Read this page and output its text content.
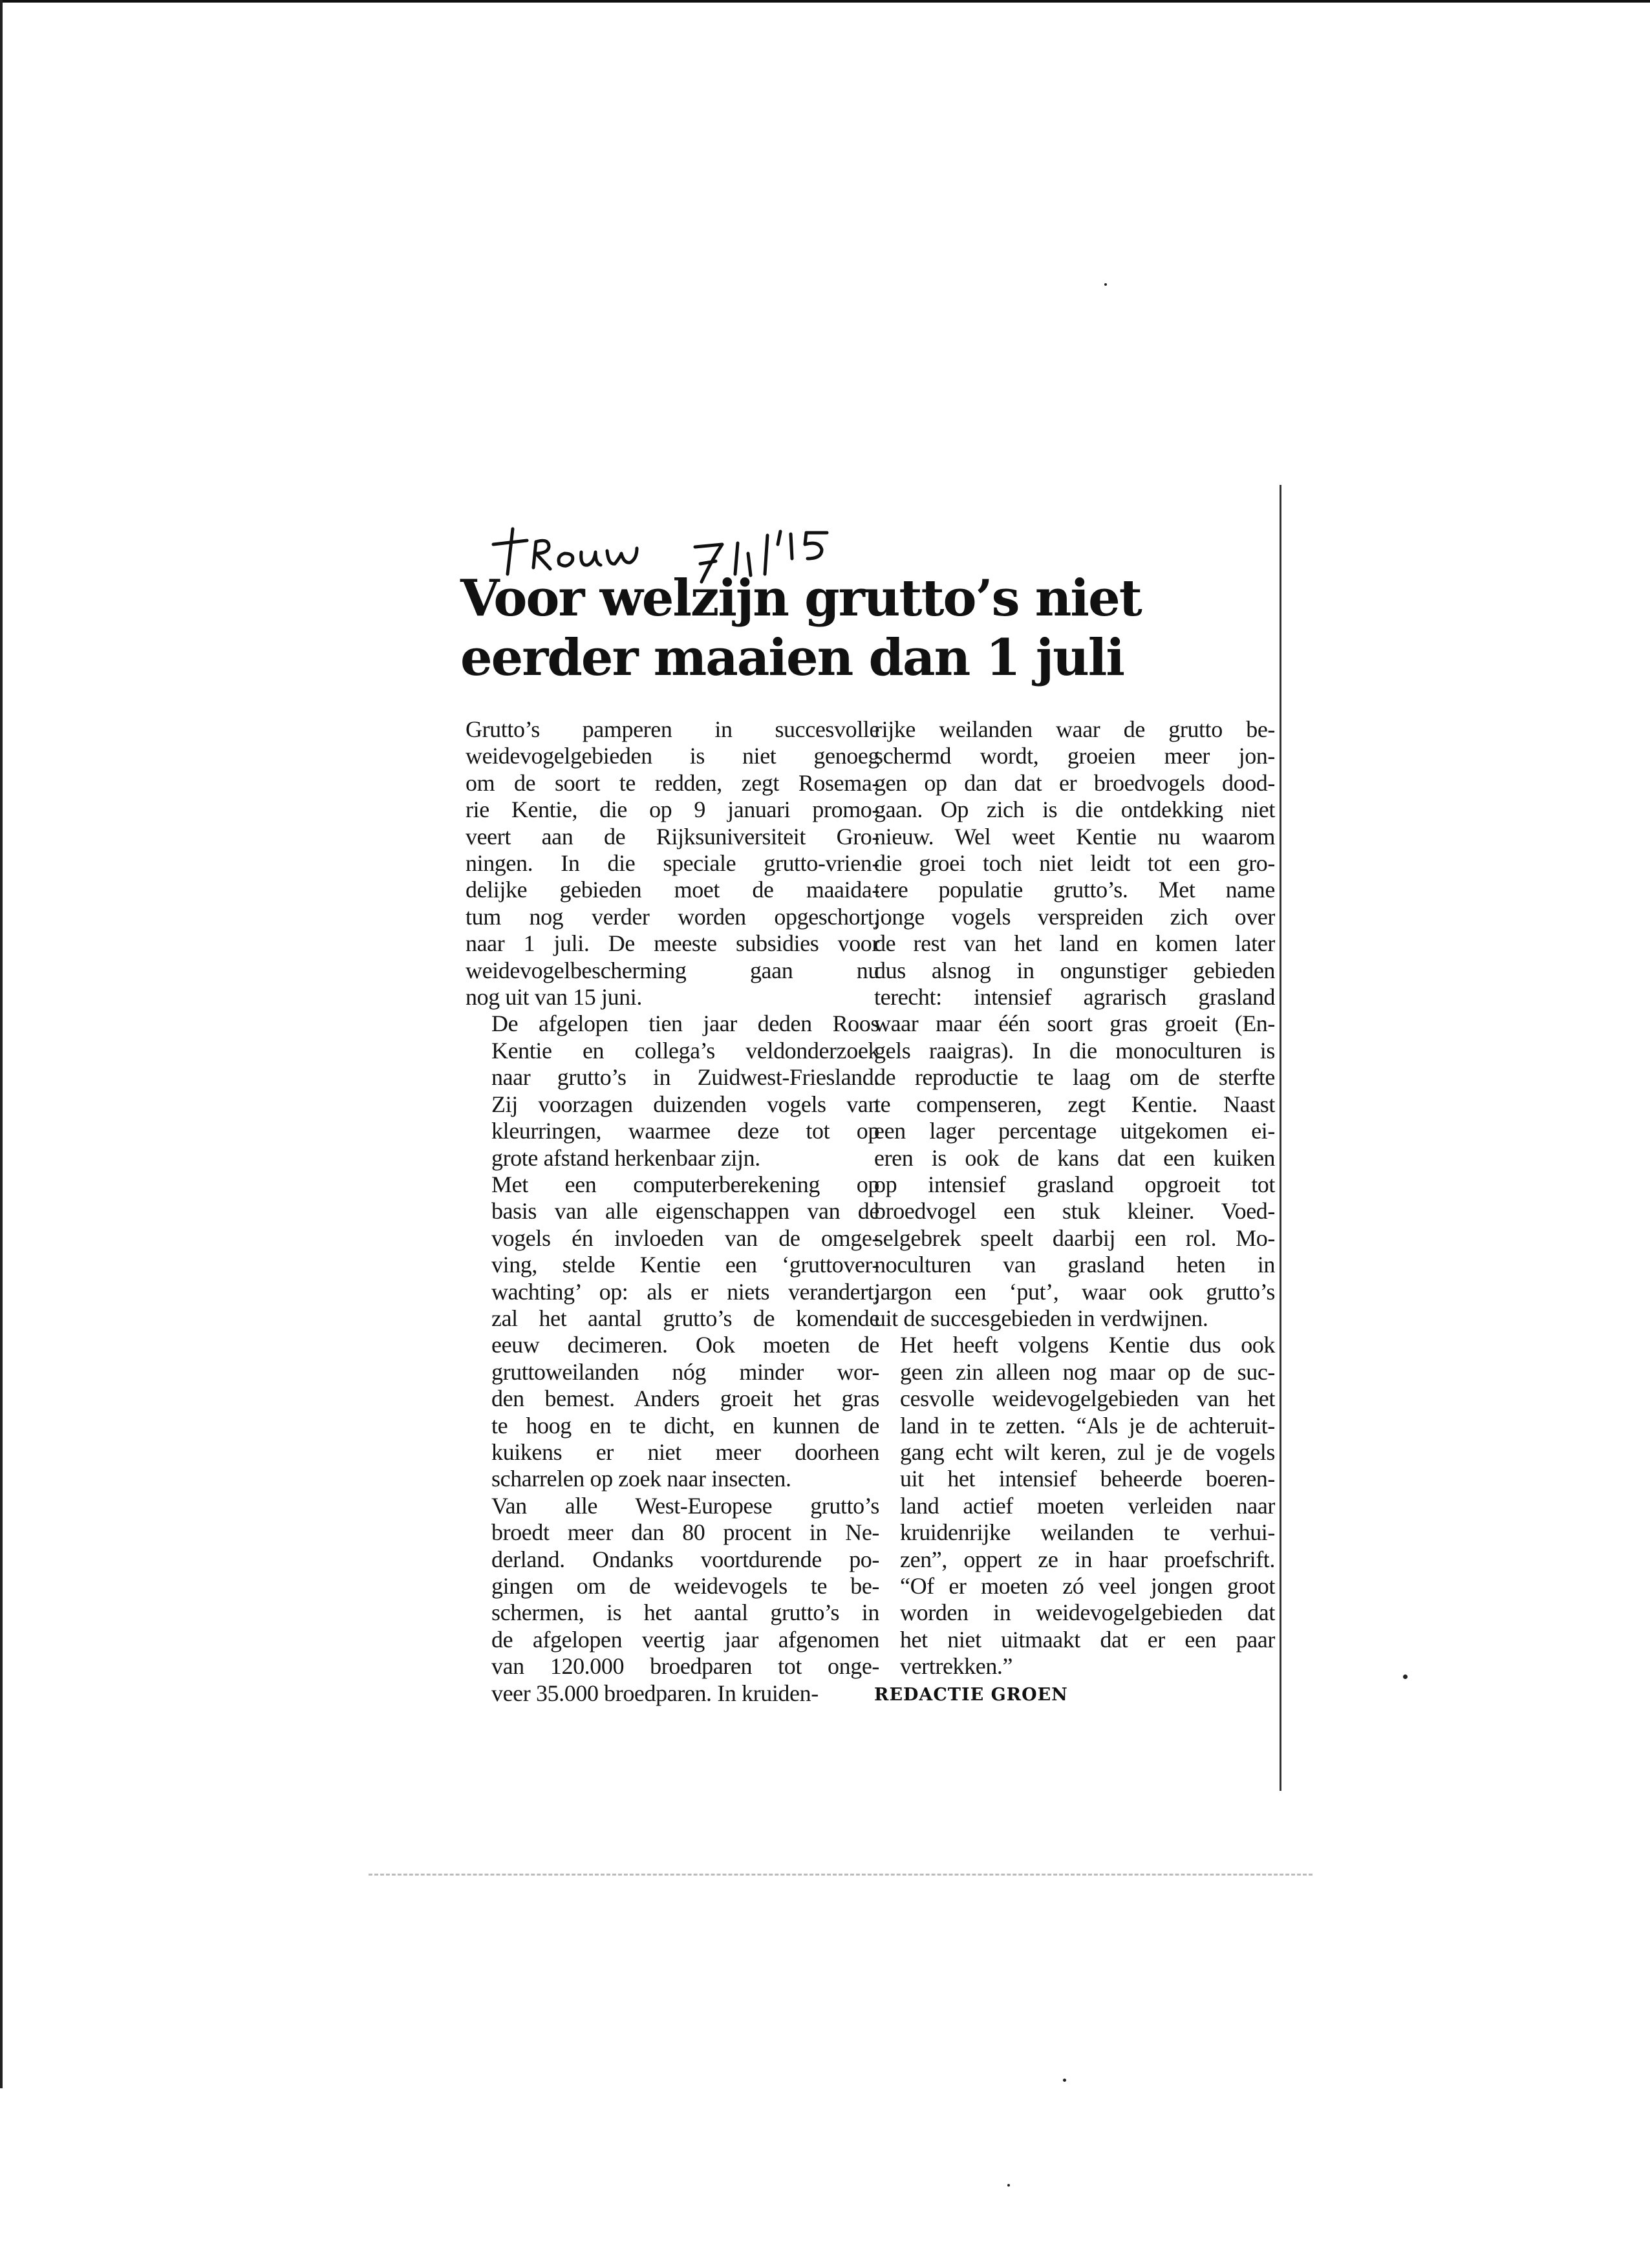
Voor welzijn grutto’s niet
eerder maaien dan 1 juli

Grutto’s pamperen in succesvolle
weidevogelgebieden is niet genoeg
om de soort te redden, zegt Rosema-
rie Kentie, die op 9 januari promo-
veert aan de Rijksuniversiteit Gro-
ningen. In die speciale grutto-vrien-
delijke gebieden moet de maaida-
tum nog verder worden opgeschort,
naar 1 juli. De meeste subsidies voor
weidevogelbescherming gaan nu
nog uit van 15 juni.

De afgelopen tien jaar deden Roos
Kentie en collega’s veldonderzoek
naar grutto’s in Zuidwest-Friesland.
Zij voorzagen duizenden vogels van
kleurringen, waarmee deze tot op
grote afstand herkenbaar zijn.

Met een computerberekening op
basis van alle eigenschappen van de
vogels én invloeden van de omge-
ving, stelde Kentie een ‘gruttover-
wachting’ op: als er niets verandert,
zal het aantal grutto’s de komende
eeuw decimeren. Ook moeten de
gruttoweilanden nóg minder wor-
den bemest. Anders groeit het gras
te hoog en te dicht, en kunnen de
kuikens er niet meer doorheen
scharrelen op zoek naar insecten.

Van alle West-Europese grutto’s
broedt meer dan 80 procent in Ne-
derland. Ondanks voortdurende po-
gingen om de weidevogels te be-
schermen, is het aantal grutto’s in
de afgelopen veertig jaar afgenomen
van 120.000 broedparen tot onge-
veer 35.000 broedparen. In kruiden-

rijke weilanden waar de grutto be-
schermd wordt, groeien meer jon-
gen op dan dat er broedvogels dood-
gaan. Op zich is die ontdekking niet
nieuw. Wel weet Kentie nu waarom
die groei toch niet leidt tot een gro-
tere populatie grutto’s. Met name
jonge vogels verspreiden zich over
de rest van het land en komen later
dus alsnog in ongunstiger gebieden
terecht: intensief agrarisch grasland
waar maar één soort gras groeit (En-
gels raaigras). In die monoculturen is
de reproductie te laag om de sterfte
te compenseren, zegt Kentie. Naast
een lager percentage uitgekomen ei-
eren is ook de kans dat een kuiken
op intensief grasland opgroeit tot
broedvogel een stuk kleiner. Voed-
selgebrek speelt daarbij een rol. Mo-
noculturen van grasland heten in
jargon een ‘put’, waar ook grutto’s
uit de succesgebieden in verdwijnen.

Het heeft volgens Kentie dus ook
geen zin alleen nog maar op de suc-
cesvolle weidevogelgebieden van het
land in te zetten. “Als je de achteruit-
gang echt wilt keren, zul je de vogels
uit het intensief beheerde boeren-
land actief moeten verleiden naar
kruidenrijke weilanden te verhui-
zen”, oppert ze in haar proefschrift.
“Of er moeten zó veel jongen groot
worden in weidevogelgebieden dat
het niet uitmaakt dat er een paar
vertrekken.”

REDACTIE GROEN
